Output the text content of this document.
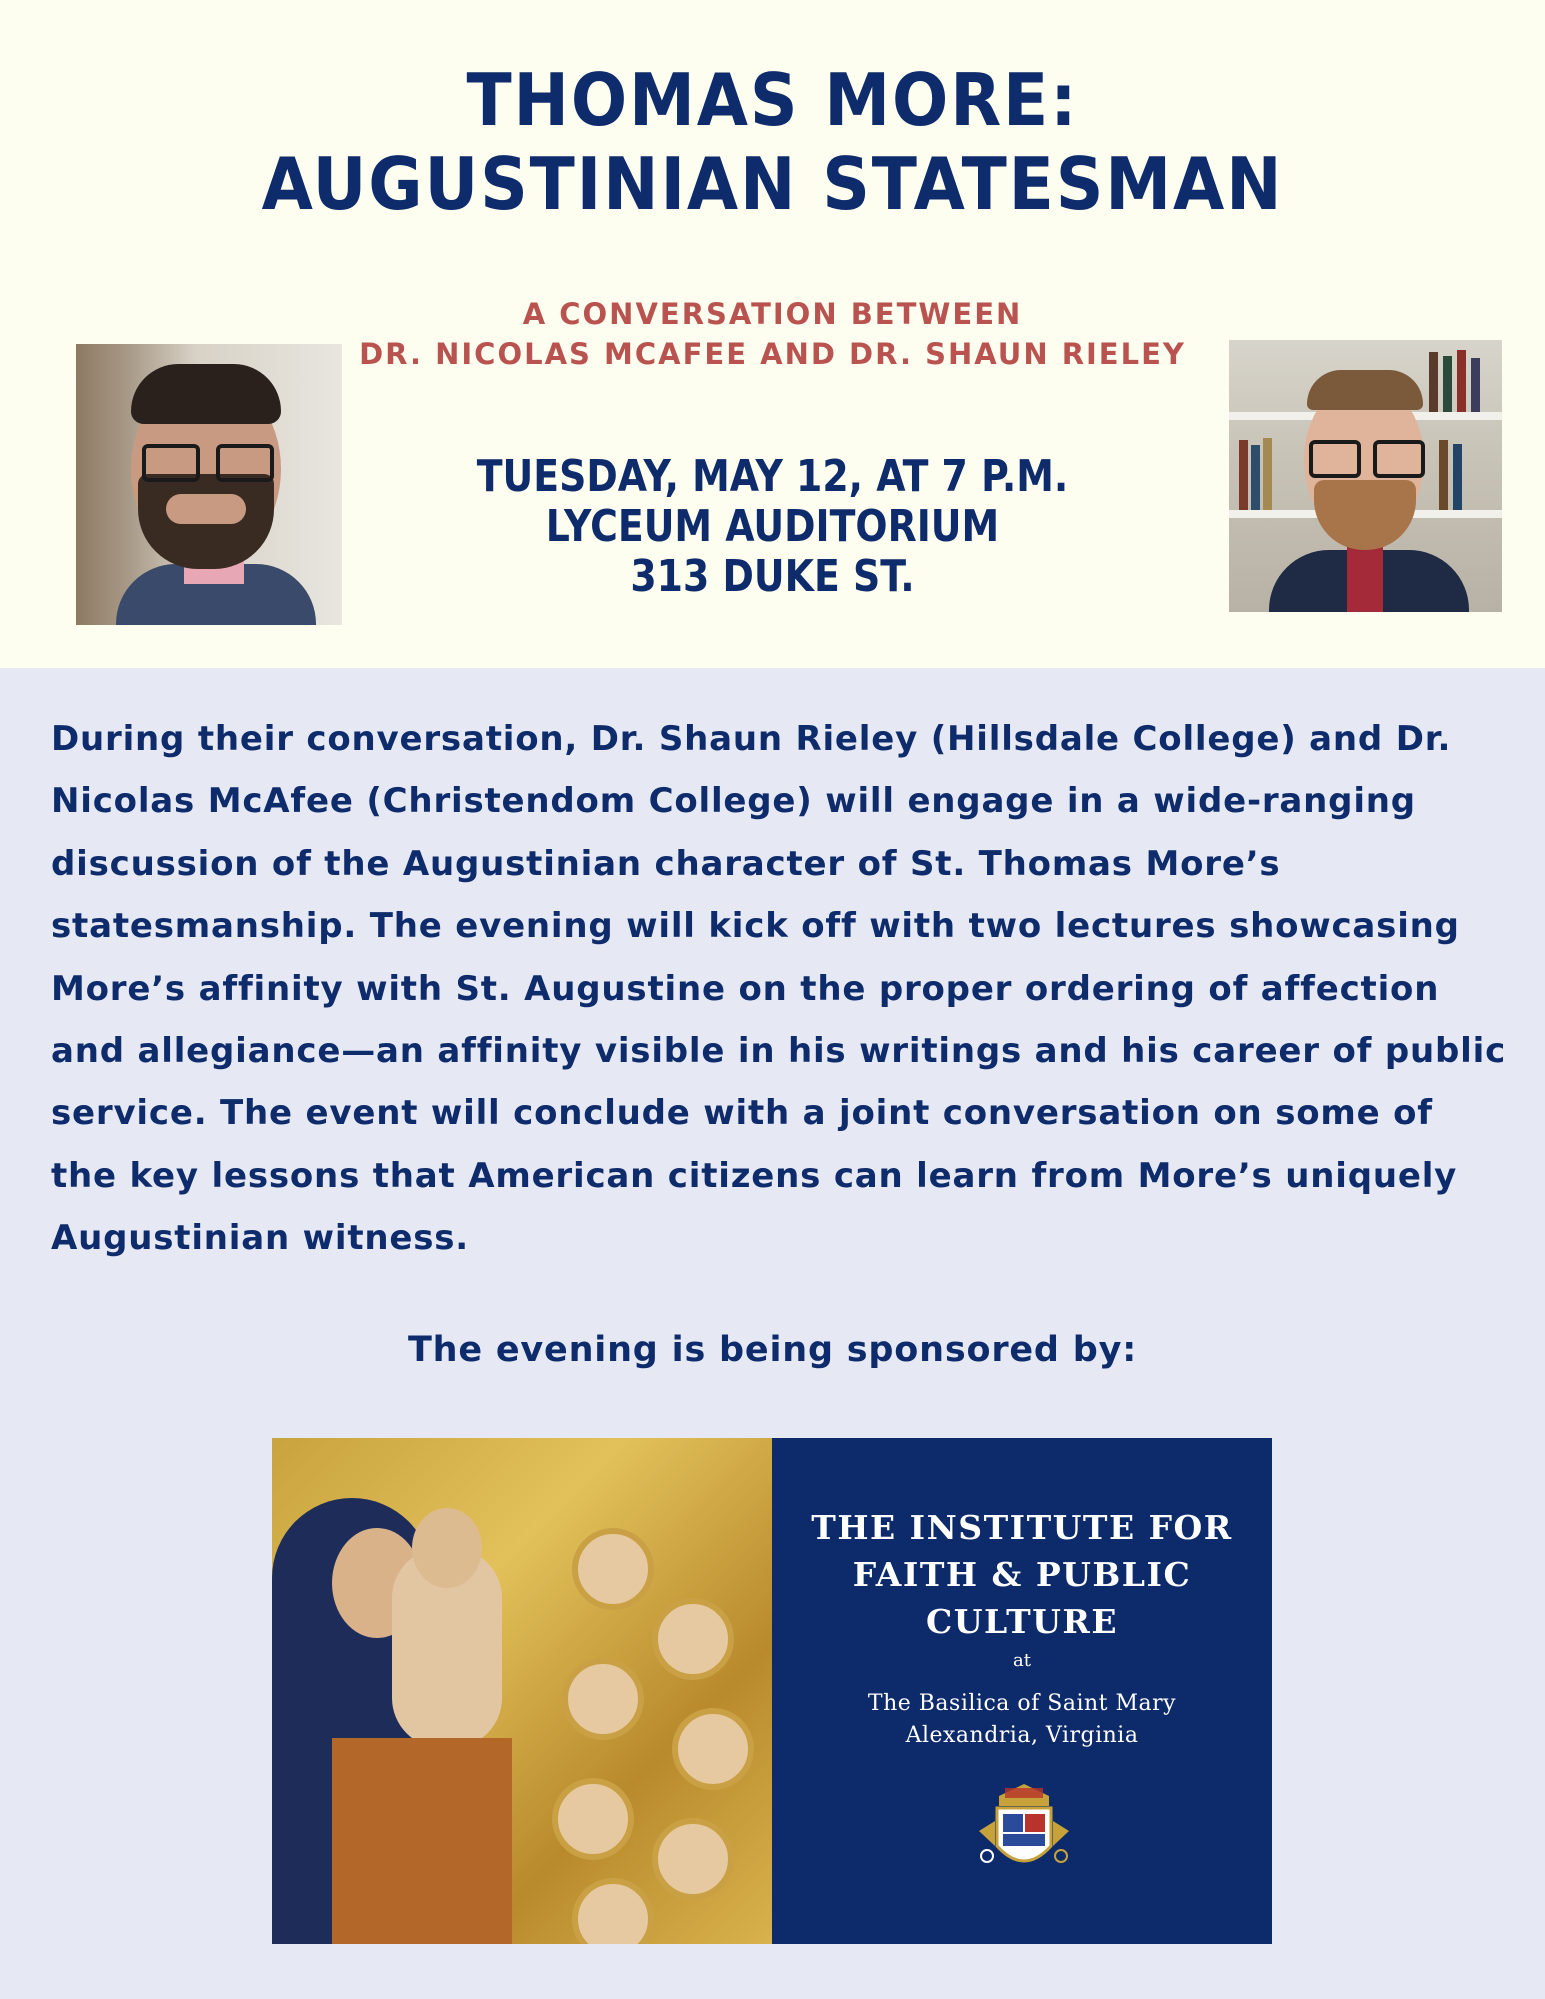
THOMAS MORE:
AUGUSTINIAN STATESMAN
A CONVERSATION BETWEEN
DR. NICOLAS MCAFEE AND DR. SHAUN RIELEY
TUESDAY, MAY 12, AT 7 P.M.
LYCEUM AUDITORIUM
313 DUKE ST.
During their conversation, Dr. Shaun Rieley (Hillsdale College) and Dr. Nicolas McAfee (Christendom College) will engage in a wide-ranging discussion of the Augustinian character of St. Thomas More’s statesmanship. The evening will kick off with two lectures showcasing More’s affinity with St. Augustine on the proper ordering of affection and allegiance—an affinity visible in his writings and his career of public service. The event will conclude with a joint conversation on some of the key lessons that American citizens can learn from More’s uniquely Augustinian witness.
The evening is being sponsored by:
THE INSTITUTE FOR
FAITH & PUBLIC
CULTURE
at
The Basilica of Saint Mary
Alexandria, Virginia
